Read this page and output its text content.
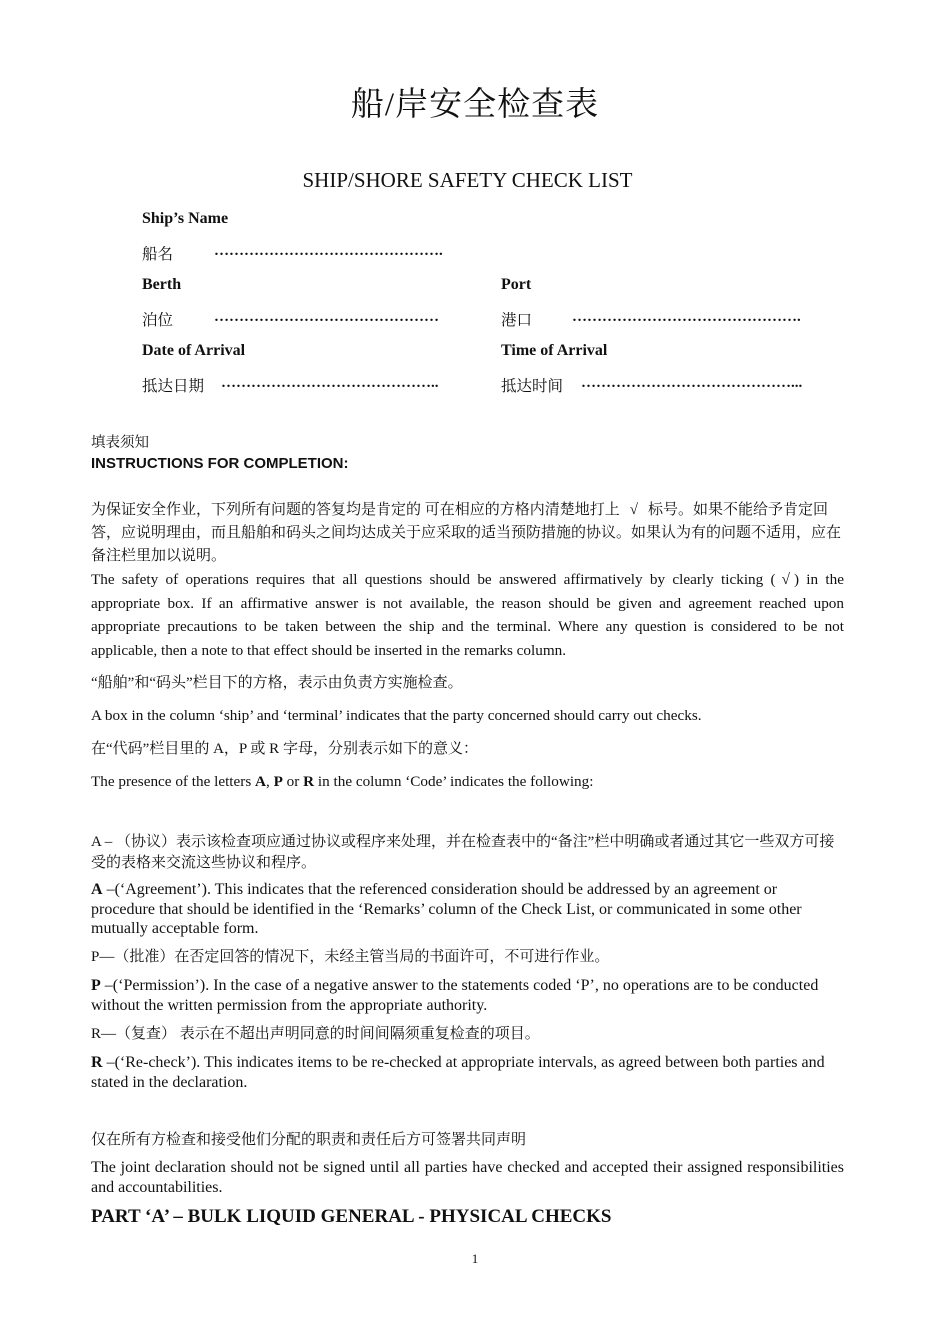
船/岸安全检查表
SHIP/SHORE SAFETY CHECK LIST
Ship’s Name
船名	……………………………………….
Berth	Port
泊位	………………………………………	港口	……………………………………….
Date of Arrival	Time of Arrival
抵达日期 ……………………………………..	抵达时间 ……………………………………...
填表须知
INSTRUCTIONS FOR COMPLETION:
为保证安全作业，下列所有问题的答复均是肯定的 可在相应的方格内清楚地打上 √ 标号。如果不能给予肯定回答，应说明理由，而且船舶和码头之间均达成关于应采取的适当预防措施的协议。如果认为有的问题不适用，应在备注栏里加以说明。
The safety of operations requires that all questions should be answered affirmatively by clearly ticking ( √ ) in the appropriate box. If an affirmative answer is not available, the reason should be given and agreement reached upon appropriate precautions to be taken between the ship and the terminal. Where any question is considered to be not applicable, then a note to that effect should be inserted in the remarks column.
“船舶”和“码头”栏目下的方格，表示由负责方实施检查。
A box in the column ‘ship’ and ‘terminal’ indicates that the party concerned should carry out checks.
在“代码”栏目里的 A，P 或 R 字母，分别表示如下的意义：
The presence of the letters A, P or R in the column ‘Code’ indicates the following:
A – （协议）表示该检查项应通过协议或程序来处理，并在检查表中的“备注”栏中明确或者通过其它一些双方可接受的表格来交流这些协议和程序。
A –(‘Agreement’). This indicates that the referenced consideration should be addressed by an agreement or procedure that should be identified in the ‘Remarks’ column of the Check List, or communicated in some other mutually acceptable form.
P—（批准）在否定回答的情况下，未经主管当局的书面许可，不可进行作业。
P –(‘Permission’). In the case of a negative answer to the statements coded ‘P’, no operations are to be conducted without the written permission from the appropriate authority.
R—（复查） 表示在不超出声明同意的时间间隔须重复检查的项目。
R –(‘Re-check’). This indicates items to be re-checked at appropriate intervals, as agreed between both parties and stated in the declaration.
仅在所有方检查和接受他们分配的职责和责任后方可签署共同声明
The joint declaration should not be signed until all parties have checked and accepted their assigned responsibilities and accountabilities.
PART ‘A’ – BULK LIQUID GENERAL - PHYSICAL CHECKS
1
